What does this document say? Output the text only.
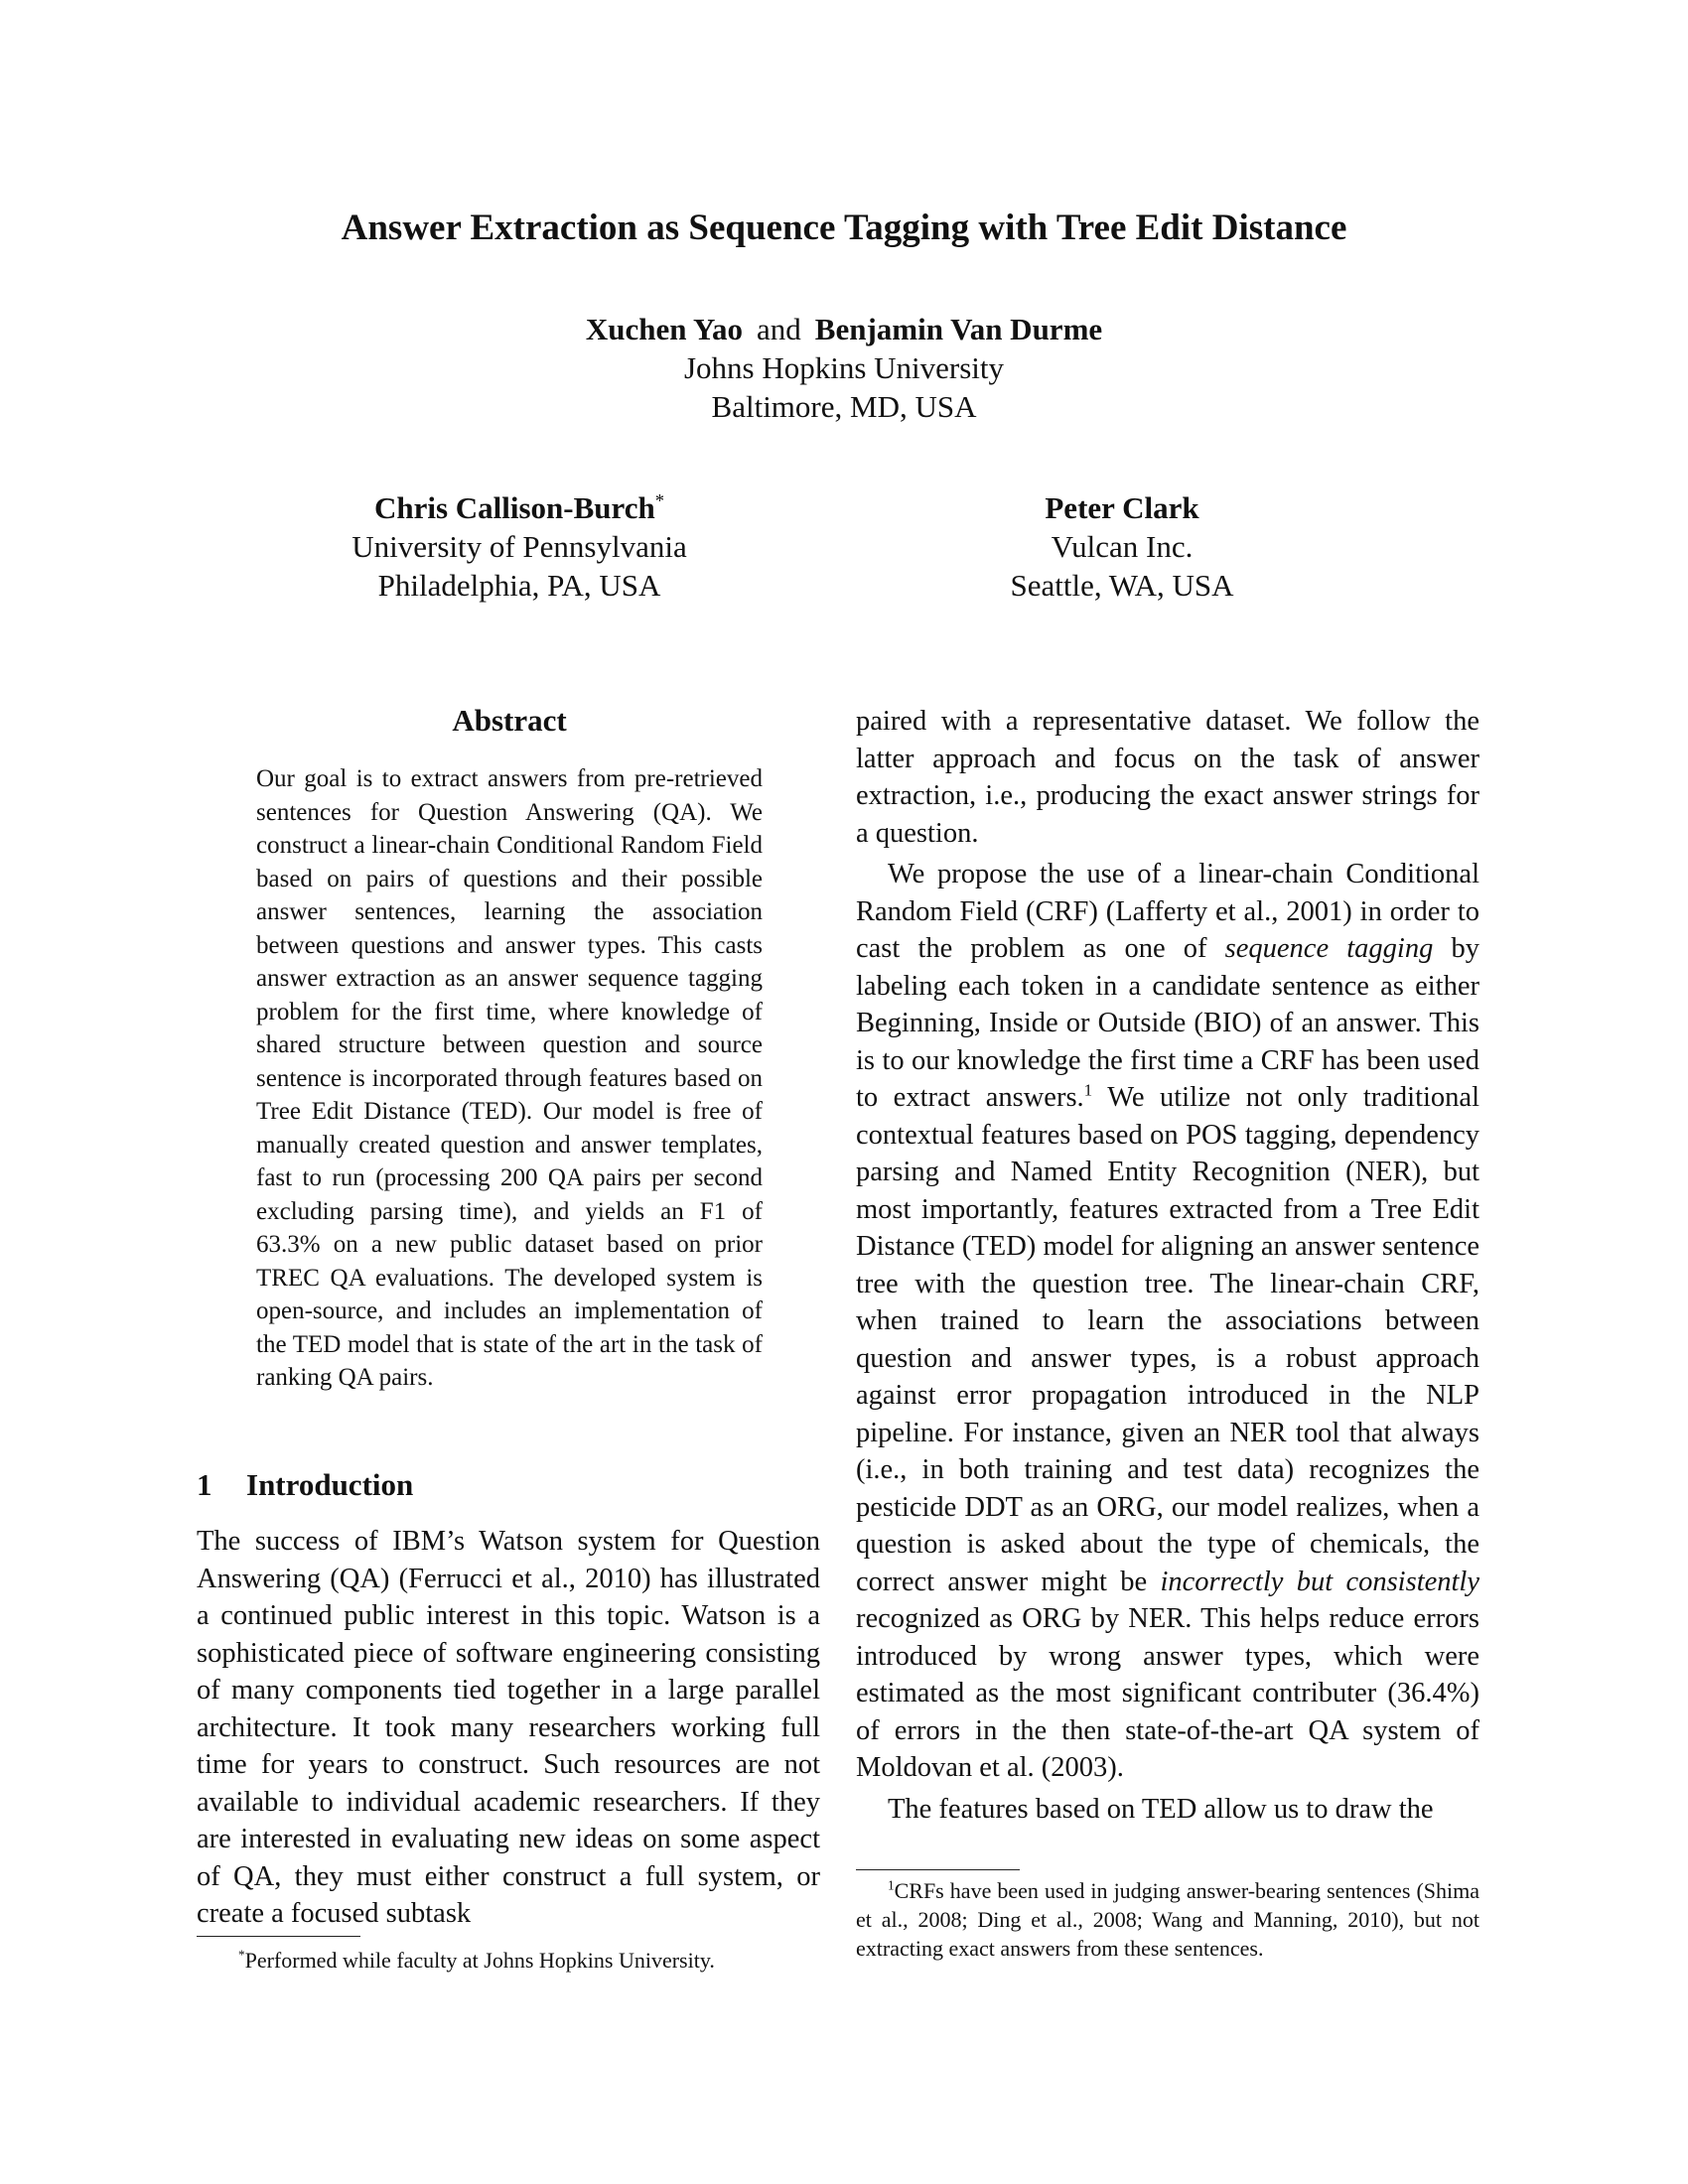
Answer Extraction as Sequence Tagging with Tree Edit Distance
Xuchen Yao and Benjamin Van Durme
Johns Hopkins University
Baltimore, MD, USA
Chris Callison-Burch*
University of Pennsylvania
Philadelphia, PA, USA
Peter Clark
Vulcan Inc.
Seattle, WA, USA
Abstract
Our goal is to extract answers from pre-retrieved sentences for Question Answering (QA). We construct a linear-chain Conditional Random Field based on pairs of questions and their possible answer sentences, learning the association between questions and answer types. This casts answer extraction as an answer sequence tagging problem for the first time, where knowledge of shared structure between question and source sentence is incorporated through features based on Tree Edit Distance (TED). Our model is free of manually created question and answer templates, fast to run (processing 200 QA pairs per second excluding parsing time), and yields an F1 of 63.3% on a new public dataset based on prior TREC QA evaluations. The developed system is open-source, and includes an implementation of the TED model that is state of the art in the task of ranking QA pairs.
1 Introduction
The success of IBM’s Watson system for Question Answering (QA) (Ferrucci et al., 2010) has illustrated a continued public interest in this topic. Watson is a sophisticated piece of software engineering consisting of many components tied together in a large parallel architecture. It took many researchers working full time for years to construct. Such resources are not available to individual academic researchers. If they are interested in evaluating new ideas on some aspect of QA, they must either construct a full system, or create a focused subtask
*Performed while faculty at Johns Hopkins University.

paired with a representative dataset. We follow the latter approach and focus on the task of answer extraction, i.e., producing the exact answer strings for a question.

We propose the use of a linear-chain Conditional Random Field (CRF) (Lafferty et al., 2001) in order to cast the problem as one of sequence tagging by labeling each token in a candidate sentence as either Beginning, Inside or Outside (BIO) of an answer. This is to our knowledge the first time a CRF has been used to extract answers.$^1$ We utilize not only traditional contextual features based on POS tagging, dependency parsing and Named Entity Recognition (NER), but most importantly, features extracted from a Tree Edit Distance (TED) model for aligning an answer sentence tree with the question tree. The linear-chain CRF, when trained to learn the associations between question and answer types, is a robust approach against error propagation introduced in the NLP pipeline. For instance, given an NER tool that always (i.e., in both training and test data) recognizes the pesticide DDT as an ORG, our model realizes, when a question is asked about the type of chemicals, the correct answer might be incorrectly but consistently recognized as ORG by NER. This helps reduce errors introduced by wrong answer types, which were estimated as the most significant contributer (36.4%) of errors in the then state-of-the-art QA system of Moldovan et al. (2003).

The features based on TED allow us to draw the

$^1$CRFs have been used in judging answer-bearing sentences (Shima et al., 2008; Ding et al., 2008; Wang and Manning, 2010), but not extracting exact answers from these sentences.
